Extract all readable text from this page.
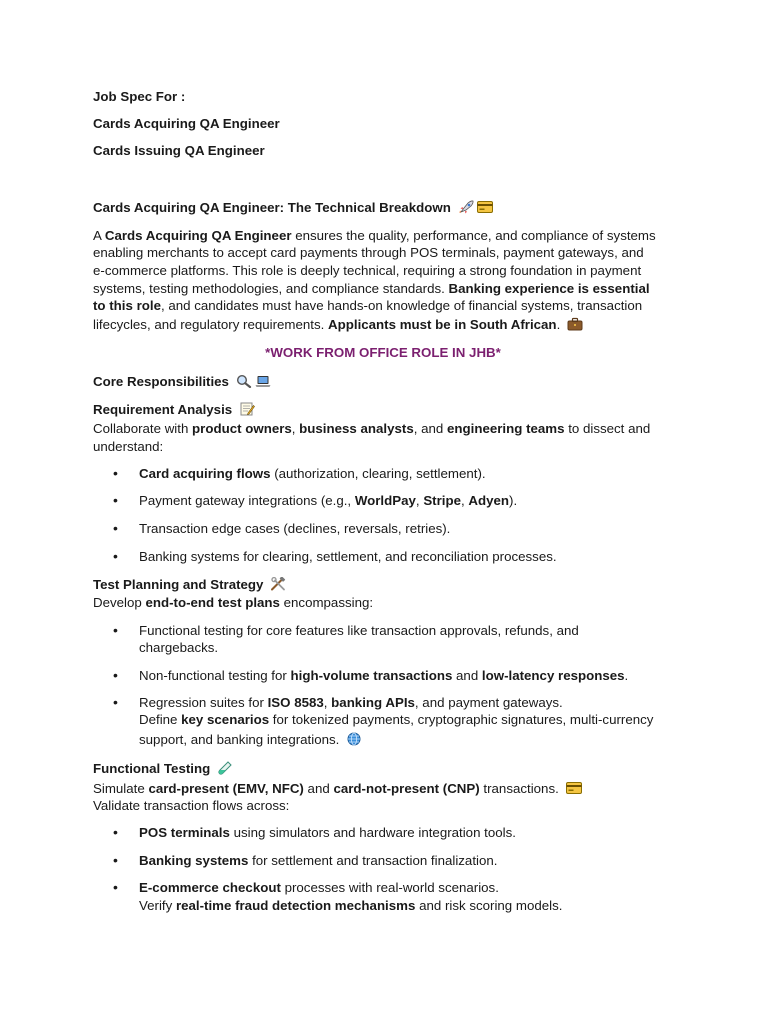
Job Spec For :
Cards Acquiring QA Engineer
Cards Issuing QA Engineer
Cards Acquiring QA Engineer: The Technical Breakdown
A Cards Acquiring QA Engineer ensures the quality, performance, and compliance of systems
enabling merchants to accept card payments through POS terminals, payment gateways, and
e-commerce platforms. This role is deeply technical, requiring a strong foundation in payment
systems, testing methodologies, and compliance standards. Banking experience is essential
to this role, and candidates must have hands-on knowledge of financial systems, transaction
lifecycles, and regulatory requirements. Applicants must be in South African.
*WORK FROM OFFICE ROLE IN JHB*
Core Responsibilities
Requirement Analysis
Collaborate with product owners, business analysts, and engineering teams to dissect and
understand:
• Card acquiring flows (authorization, clearing, settlement).
• Payment gateway integrations (e.g., WorldPay, Stripe, Adyen).
• Transaction edge cases (declines, reversals, retries).
• Banking systems for clearing, settlement, and reconciliation processes.
Test Planning and Strategy
Develop end-to-end test plans encompassing:
• Functional testing for core features like transaction approvals, refunds, and
chargebacks.
• Non-functional testing for high-volume transactions and low-latency responses.
• Regression suites for ISO 8583, banking APIs, and payment gateways.
Define key scenarios for tokenized payments, cryptographic signatures, multi-currency
support, and banking integrations.
Functional Testing
Simulate card-present (EMV, NFC) and card-not-present (CNP) transactions.
Validate transaction flows across:
• POS terminals using simulators and hardware integration tools.
• Banking systems for settlement and transaction finalization.
• E-commerce checkout processes with real-world scenarios.
Verify real-time fraud detection mechanisms and risk scoring models.
